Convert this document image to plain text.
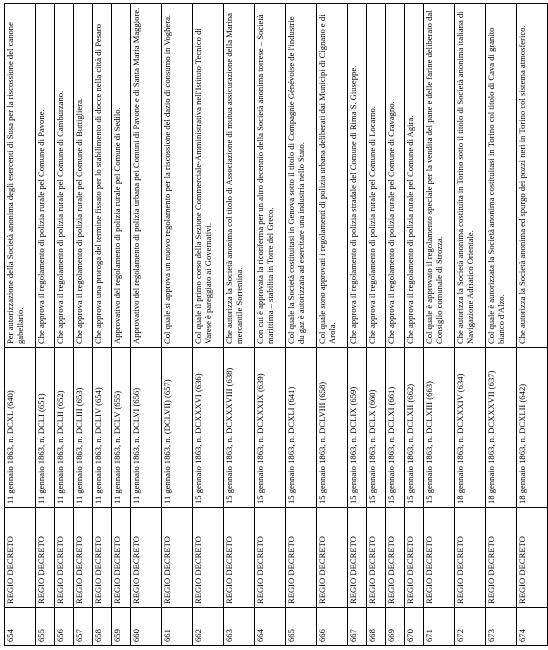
654	REGIO DECRETO	11 gennaio 1863, n. DCXL (640)	Per autorizzazione della Società anonima degli esercenti di Susa per la riscossione del canone gabellario.
655	REGIO DECRETO	11 gennaio 1863, n. DCLI (651)	Che approva il regolamento di polizia rurale pel Comune di Pavone.
656	REGIO DECRETO	11 gennaio 1863, n. DCLII (652)	Che approva il regolamento di polizia rurale pel Comune di Camburzano.
657	REGIO DECRETO	11 gennaio 1863, n. DCLIII (653)	Che approva il regolamento di polizia rurale pel Comune di Buttigliera.
658	REGIO DECRETO	11 gennaio 1863, n. DCLIV (654)	Che approva una proroga del termine fissato per lo stabilimento di docce nella città di Pesaro
659	REGIO DECRETO	11 gennaio 1863, n. DCLV (655)	Approvativo del regolamento di polizia rurale pel Comune di Sedilo.
660	REGIO DECRETO	11 gennaio 1863, n. DCLVI (656)	Approvativo del regolamento di polizia urbana pei Comuni di Pavone e di Santa Maria Maggiore.
661	REGIO DECRETO	11 gennaio 1863, n. (DCLVII) (657)	Col quale si approva un nuovo regolamento per la riscossione del dazio di consumo in Voghera.
662	REGIO DECRETO	15 gennaio 1863, n. DCXXXVI (636)	Col quale il primo corso della Sezione Commerciale-Amministrativa nell'Istituto Tecnico di Varese è pareggiato ai Governativi.
663	REGIO DECRETO	15 gennaio 1863, n. DCXXXVIII (638)	Che autorizza la Società anonima col titolo di Associazione di mutua assicurazione della Marina mercantile Sorrentina.
664	REGIO DECRETO	15 gennaio 1863, n. DCXXXIX (639)	Con cui è approvata la riconferma per un altro decennio della Società anonima torrese – Società marittima – stabilita in Torre del Greco.
665	REGIO DECRETO	15 gennaio 1863, n. DCXLI (641)	Col quale la Società costituitasi in Genova sotto il titolo di Compagnie Génévoise de l'industrie du gaz è autorizzata ad esercitare una industria nello Stato.
666	REGIO DECRETO	15 gennaio 1863, n. DCLVIII (658)	Col quale sono approvati i regolamenti di polizia urbana deliberati dai Municipi di Cignano e di Arola.
667	REGIO DECRETO	15 gennaio 1863, n. DCLIX (659)	Che approva il regolamento di polizia stradale del Comune di Rima S. Giuseppe.
668	REGIO DECRETO	15 gennaio 1863, n. DCLX (660)	Che approva il regolamento di polizia rurale pel Comune di Locarno.
669	REGIO DECRETO	15 gennaio 1863, n. DCLXI (661)	Che approva il regolamento di polizia rurale pel Comune di Cravagno.
670	REGIO DECRETO	15 gennaio 1863, n. DCLXII (662)	Che approva il regolamento di polizia rurale pel Comune di Agira.
671	REGIO DECRETO	15 gennaio 1863, n. DCLXIII (663)	Col quale è approvato il regolamento speciale per la vendita del pane e delle farine deliberato dal Consiglio comunale di Strozza.
672	REGIO DECRETO	18 gennaio 1863, n. DCXXXIV (634)	Che autorizza la Società anonima costituita in Torino sotto il titolo di Società anonima italiana di Navigazione Adriatico Orientale.
673	REGIO DECRETO	18 gennaio 1863, n. DCXXXVII (637)	Col quale è autorizzata la Società anonima costituitasi in Torino col titolo di Cava di granito bianco d'Alzo.
674	REGIO DECRETO	18 gennaio 1863, n. DCXLII (642)	Che autorizza la Società anonima ed spurgo dei pozzi neri in Torino col sistema atmosferico.
